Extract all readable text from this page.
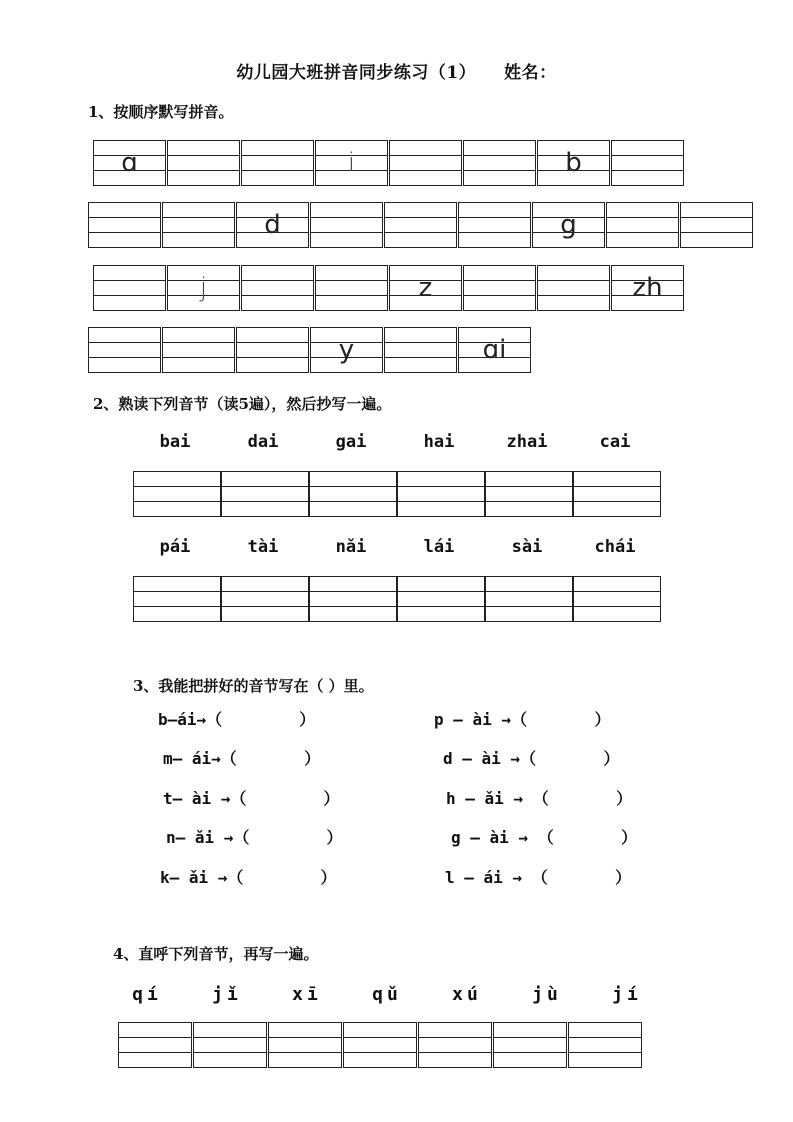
幼儿园大班拼音同步练习（1） 姓名：
1、按顺序默写拼音。
ɑ	i	b
d	g
j	z	zh
y	ɑi
2、熟读下列音节（读5遍），然后抄写一遍。
bai	dai	gai	hai	zhai	cai
pái	tài	nǎi	lái	sài	chái
3、我能把拼好的音节写在（ ）里。
b—ái→（        ）
m— ái→（       ）
t— ài →（        ）
n— ǎi →（        ）
k— ǎi →（        ）
p — ài →（       ）
d — ài →（       ）
h — ǎi → （       ）
g — ài → （       ）
l — ái → （       ）
4、直呼下列音节，再写一遍。
qí	jǐ	xī	qǔ	xú	jù	jí
